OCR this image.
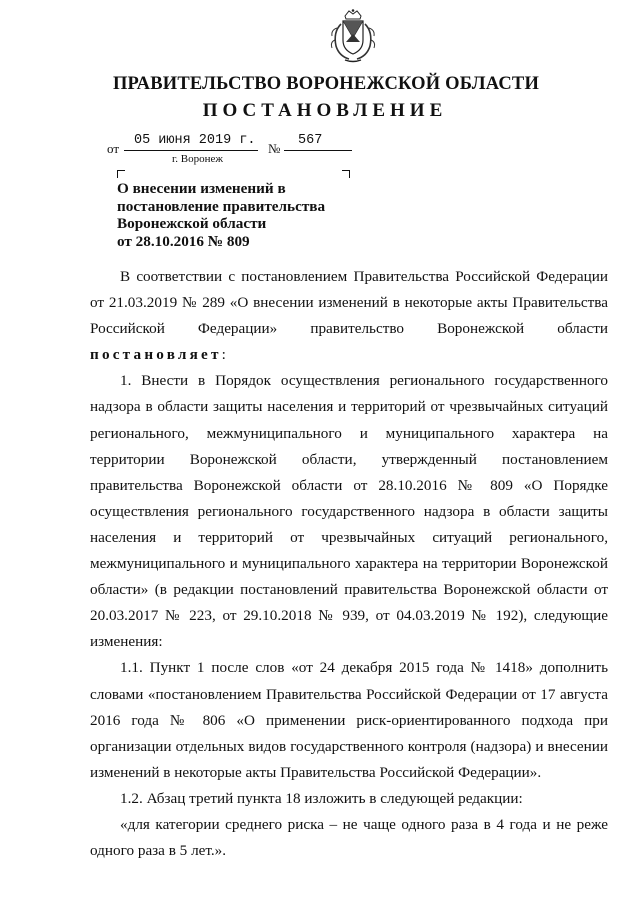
ПРАВИТЕЛЬСТВО ВОРОНЕЖСКОЙ ОБЛАСТИ
ПОСТАНОВЛЕНИЕ
от
05 июня 2019 г.
№
567
г. Воронеж
О внесении изменений в
постановление правительства
Воронежской области
от 28.10.2016 № 809

В соответствии с постановлением Правительства Российской Федерации от 21.03.2019 № 289 «О внесении изменений в некоторые акты Правительства Российской Федерации» правительство Воронежской области постановляет:

1. Внести в Порядок осуществления регионального государственного надзора в области защиты населения и территорий от чрезвычайных ситуаций регионального, межмуниципального и муниципального характера на территории Воронежской области, утвержденный постановлением правительства Воронежской области от 28.10.2016 № 809 «О Порядке осуществления регионального государственного надзора в области защиты населения и территорий от чрезвычайных ситуаций регионального, межмуниципального и муниципального характера на территории Воронежской области» (в редакции постановлений правительства Воронежской области от 20.03.2017 № 223, от 29.10.2018 № 939, от 04.03.2019 № 192), следующие изменения:

1.1. Пункт 1 после слов «от 24 декабря 2015 года № 1418» дополнить словами «постановлением Правительства Российской Федерации от 17 августа 2016 года № 806 «О применении риск-ориентированного подхода при организации отдельных видов государственного контроля (надзора) и внесении изменений в некоторые акты Правительства Российской Федерации».

1.2. Абзац третий пункта 18 изложить в следующей редакции:

«для категории среднего риска – не чаще одного раза в 4 года и не реже одного раза в 5 лет.».
